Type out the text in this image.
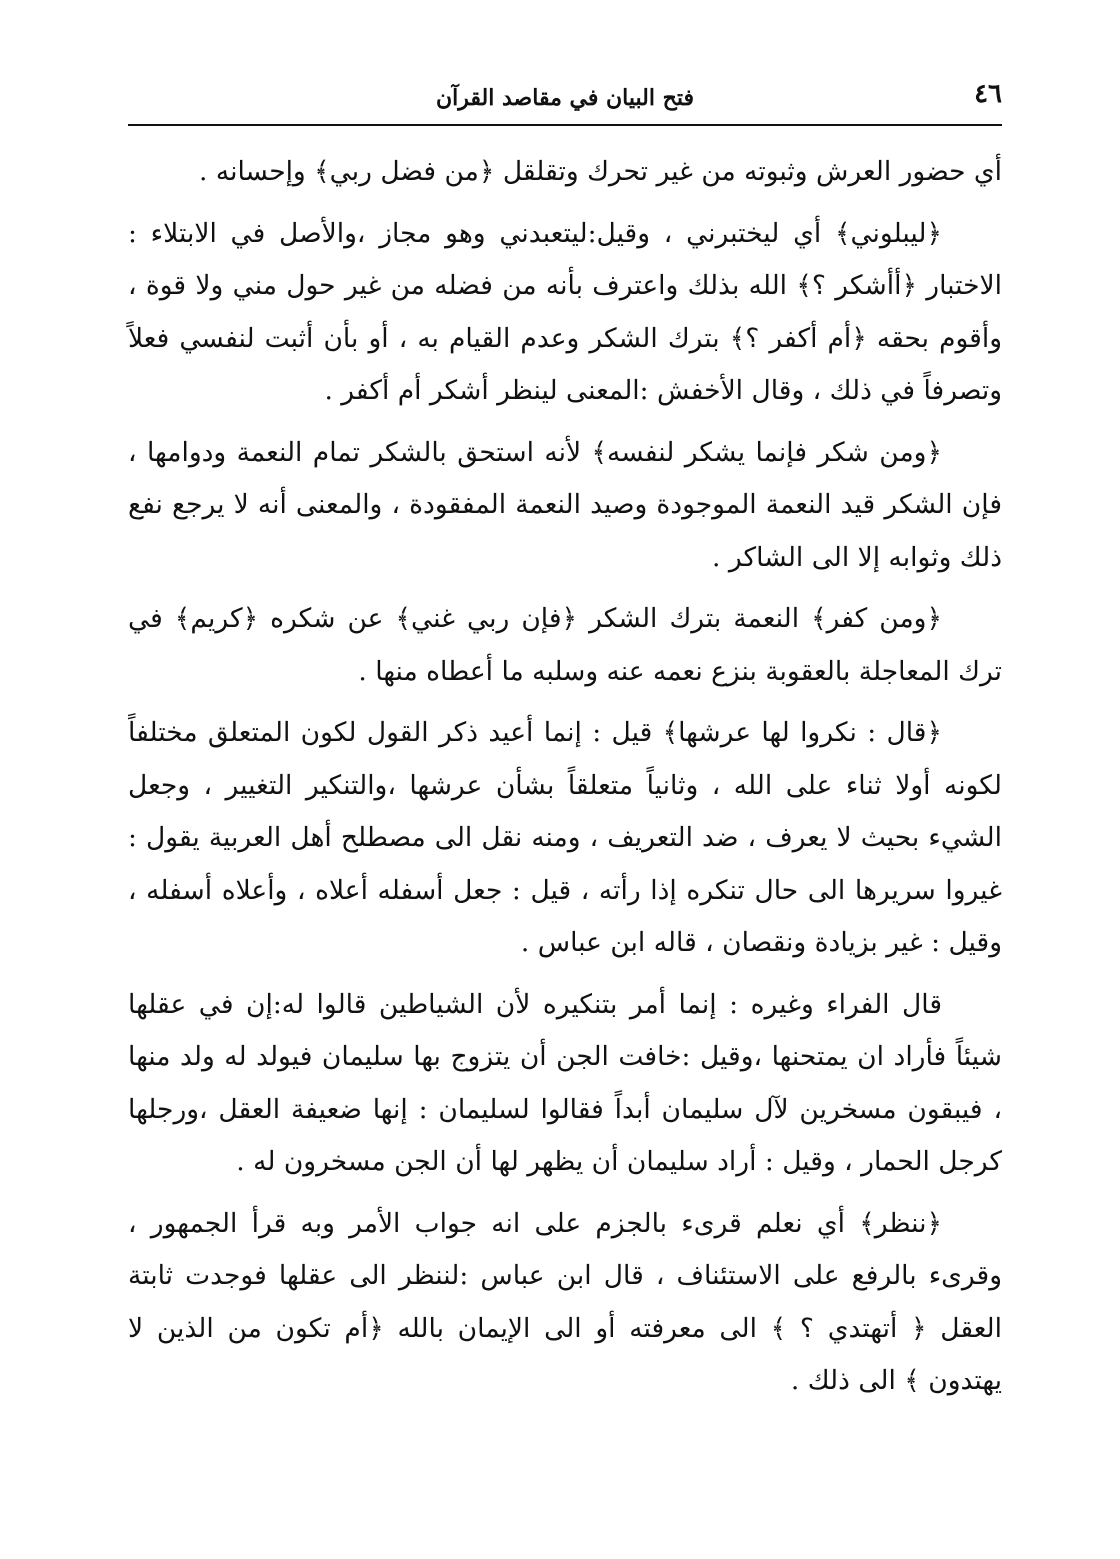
٤٦
فتح البيان في مقاصد القرآن

أي حضور العرش وثبوته من غير تحرك وتقلقل ﴿من فضل ربي﴾ وإحسانه .

﴿ليبلوني﴾ أي ليختبرني ، وقيل:ليتعبدني وهو مجاز ،والأصل في الابتلاء : الاختبار ﴿أأشكر ؟﴾ الله بذلك واعترف بأنه من فضله من غير حول مني ولا قوة ، وأقوم بحقه ﴿أم أكفر ؟﴾ بترك الشكر وعدم القيام به ، أو بأن أثبت لنفسي فعلاً وتصرفاً في ذلك ، وقال الأخفش :المعنى لينظر أشكر أم أكفر .

﴿ومن شكر فإنما يشكر لنفسه﴾ لأنه استحق بالشكر تمام النعمة ودوامها ، فإن الشكر قيد النعمة الموجودة وصيد النعمة المفقودة ، والمعنى أنه لا يرجع نفع ذلك وثوابه إلا الى الشاكر .

﴿ومن كفر﴾ النعمة بترك الشكر ﴿فإن ربي غني﴾ عن شكره ﴿كريم﴾ في ترك المعاجلة بالعقوبة بنزع نعمه عنه وسلبه ما أعطاه منها .

﴿قال : نكروا لها عرشها﴾ قيل : إنما أعيد ذكر القول لكون المتعلق مختلفاً لكونه أولا ثناء على الله ، وثانياً متعلقاً بشأن عرشها ،والتنكير التغيير ، وجعل الشيء بحيث لا يعرف ، ضد التعريف ، ومنه نقل الى مصطلح أهل العربية يقول : غيروا سريرها الى حال تنكره إذا رأته ، قيل : جعل أسفله أعلاه ، وأعلاه أسفله ، وقيل : غير بزيادة ونقصان ، قاله ابن عباس .

قال الفراء وغيره : إنما أمر بتنكيره لأن الشياطين قالوا له:إن في عقلها شيئاً فأراد ان يمتحنها ،وقيل :خافت الجن أن يتزوج بها سليمان فيولد له ولد منها ، فيبقون مسخرين لآل سليمان أبداً فقالوا لسليمان : إنها ضعيفة العقل ،ورجلها كرجل الحمار ، وقيل : أراد سليمان أن يظهر لها أن الجن مسخرون له .

﴿ننظر﴾ أي نعلم قرىء بالجزم على انه جواب الأمر وبه قرأ الجمهور ، وقرىء بالرفع على الاستئناف ، قال ابن عباس :لننظر الى عقلها فوجدت ثابتة العقل ﴿ أتهتدي ؟ ﴾ الى معرفته أو الى الإيمان بالله ﴿أم تكون من الذين لا يهتدون ﴾ الى ذلك .
